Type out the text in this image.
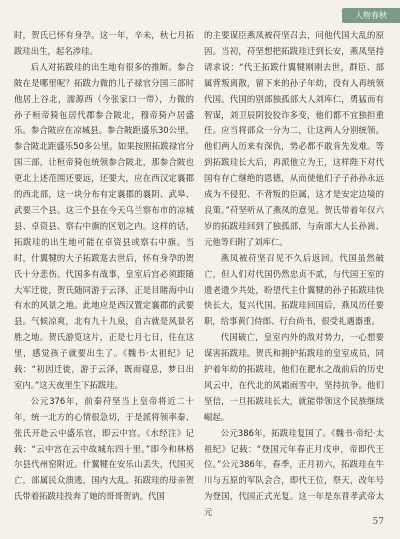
人物春秋

时，贺氏已怀有身孕。这一年，辛未，秋七月拓跋珪出生，起名涉珪。

后人对拓跋珪的出生地有很多的推断。参合陂在是哪里呢？拓跋力微的儿子禄官分国三部时他居上谷北，濡源西（今张家口一带），力微的孙子桓帝猗㐌居代郡参合陂北，穆帝猗卢居盛乐。参合陂应在凉城县。参合陂距盛乐30公里，参合陂北距盛乐50多公里。如果按照拓跋禄官分国三部，让桓帝猗㐌统领参合陂北，那参合陂也更北上述范围还要远，还要大，应在西汉定襄郡的西北部，这一块分布有定襄郡的襄阴、武皋、武要三个县。这三个县在今天乌兰察布市的凉城县、卓资县、察右中旗的区划之内。这样的话，拓跋珪的出生地可能在卓资县或察右中旗。当时，什翼犍的大子拓跋寔去世后，怀有身孕的贺氏十分悲伤。代国多有战事，皇室后宫必须跟随大军迁徙，贺氏随同游于云泽，正是目睹海中山有水的风景之地。此地应是西汉置定襄郡的武要县。气候凉爽，北有九十九泉，自古就是风景名胜之地。贺氏游览这片，正是七月七日，住在这里，感觉孩子就要出生了。《魏书·太祖纪》记载：“初因迁徙，游于云泽，既而寝息，梦日出室内。”这天夜里生下拓跋珪。

公元376年，前秦苻坚当上皇帝将近二十年，统一北方的心情很急切，于是派将领率秦、张氏开赴云中盛乐宫，即云中宫。《水经注》记载：“云中宫在云中故城东四十里。”即今和林格尔县代州窑附近。什翼犍在安乐山丢失，代国灭亡，部属民众溃逃，国内大乱。拓跋珪的母亲贺氏带着拓跋珪投奔了她的哥哥贺讷。代国

的主要谋臣燕凤被苻坚召去，问他代国大乱的原因。当初，苻坚想把拓跋珪迁到长安，燕凤坚持请求说：“代王拓跋什翼犍刚刚去世，群臣、部属背叛离散，留下来的孙子年幼，没有人再统领代国。代国的别部独孤部大人刘库仁，勇猛而有智谋，刘卫辰阴狡狡诈多变，他们都不宜独担重任。应当将部众一分为二，让这两人分别统领。他们两人历来有深仇，势必都不敢肯先发难。等到拓跋珪长大后，再派他立为王，这样陛下对代国有存亡继绝的恩德，从而使他们子子孙孙永远成为不侵犯、不背叛的臣属，这才是安定边境的良策。”苻坚听从了燕凤的意见。贺氏带着年仅六岁的拓跋珪回到了独孤部，与南部大人长孙嵩、元他等归附了刘库仁。

燕凤被苻坚召见不久后返回。代国虽然破亡，但人们对代国仍然忠贞不贰，与代国王室的遗老遗少共处，盼望代主什翼犍的孙子拓跋珪快快长大，复兴代国。拓跋珪回国后，燕凤历任要职，给事黄门侍郎、行台尚书，很受礼遇器重。

代国破亡，皇室内外的敌对势力，一心想要谋害拓跋珪。贺氏和拥护拓跋珪的皇室成员，同护着年幼的拓跋珪，他们在淝水之战前后的历史风云中，在代北的风霜雨雪中，坚持抗争。他们坚信，一旦拓跋珪长大，就能带领这个民族继续崛起。

公元386年，拓跋珪复国了。《魏书·帝纪·太祖纪》记载：“登国元年春正月戊申，帝即代王位。”公元386年，春季，正月初六，拓跋珪在牛川与五原的军队会合，即代王位，祭天，改年号为登国，代国正式光复。这一年是东晋孝武帝太元

57
